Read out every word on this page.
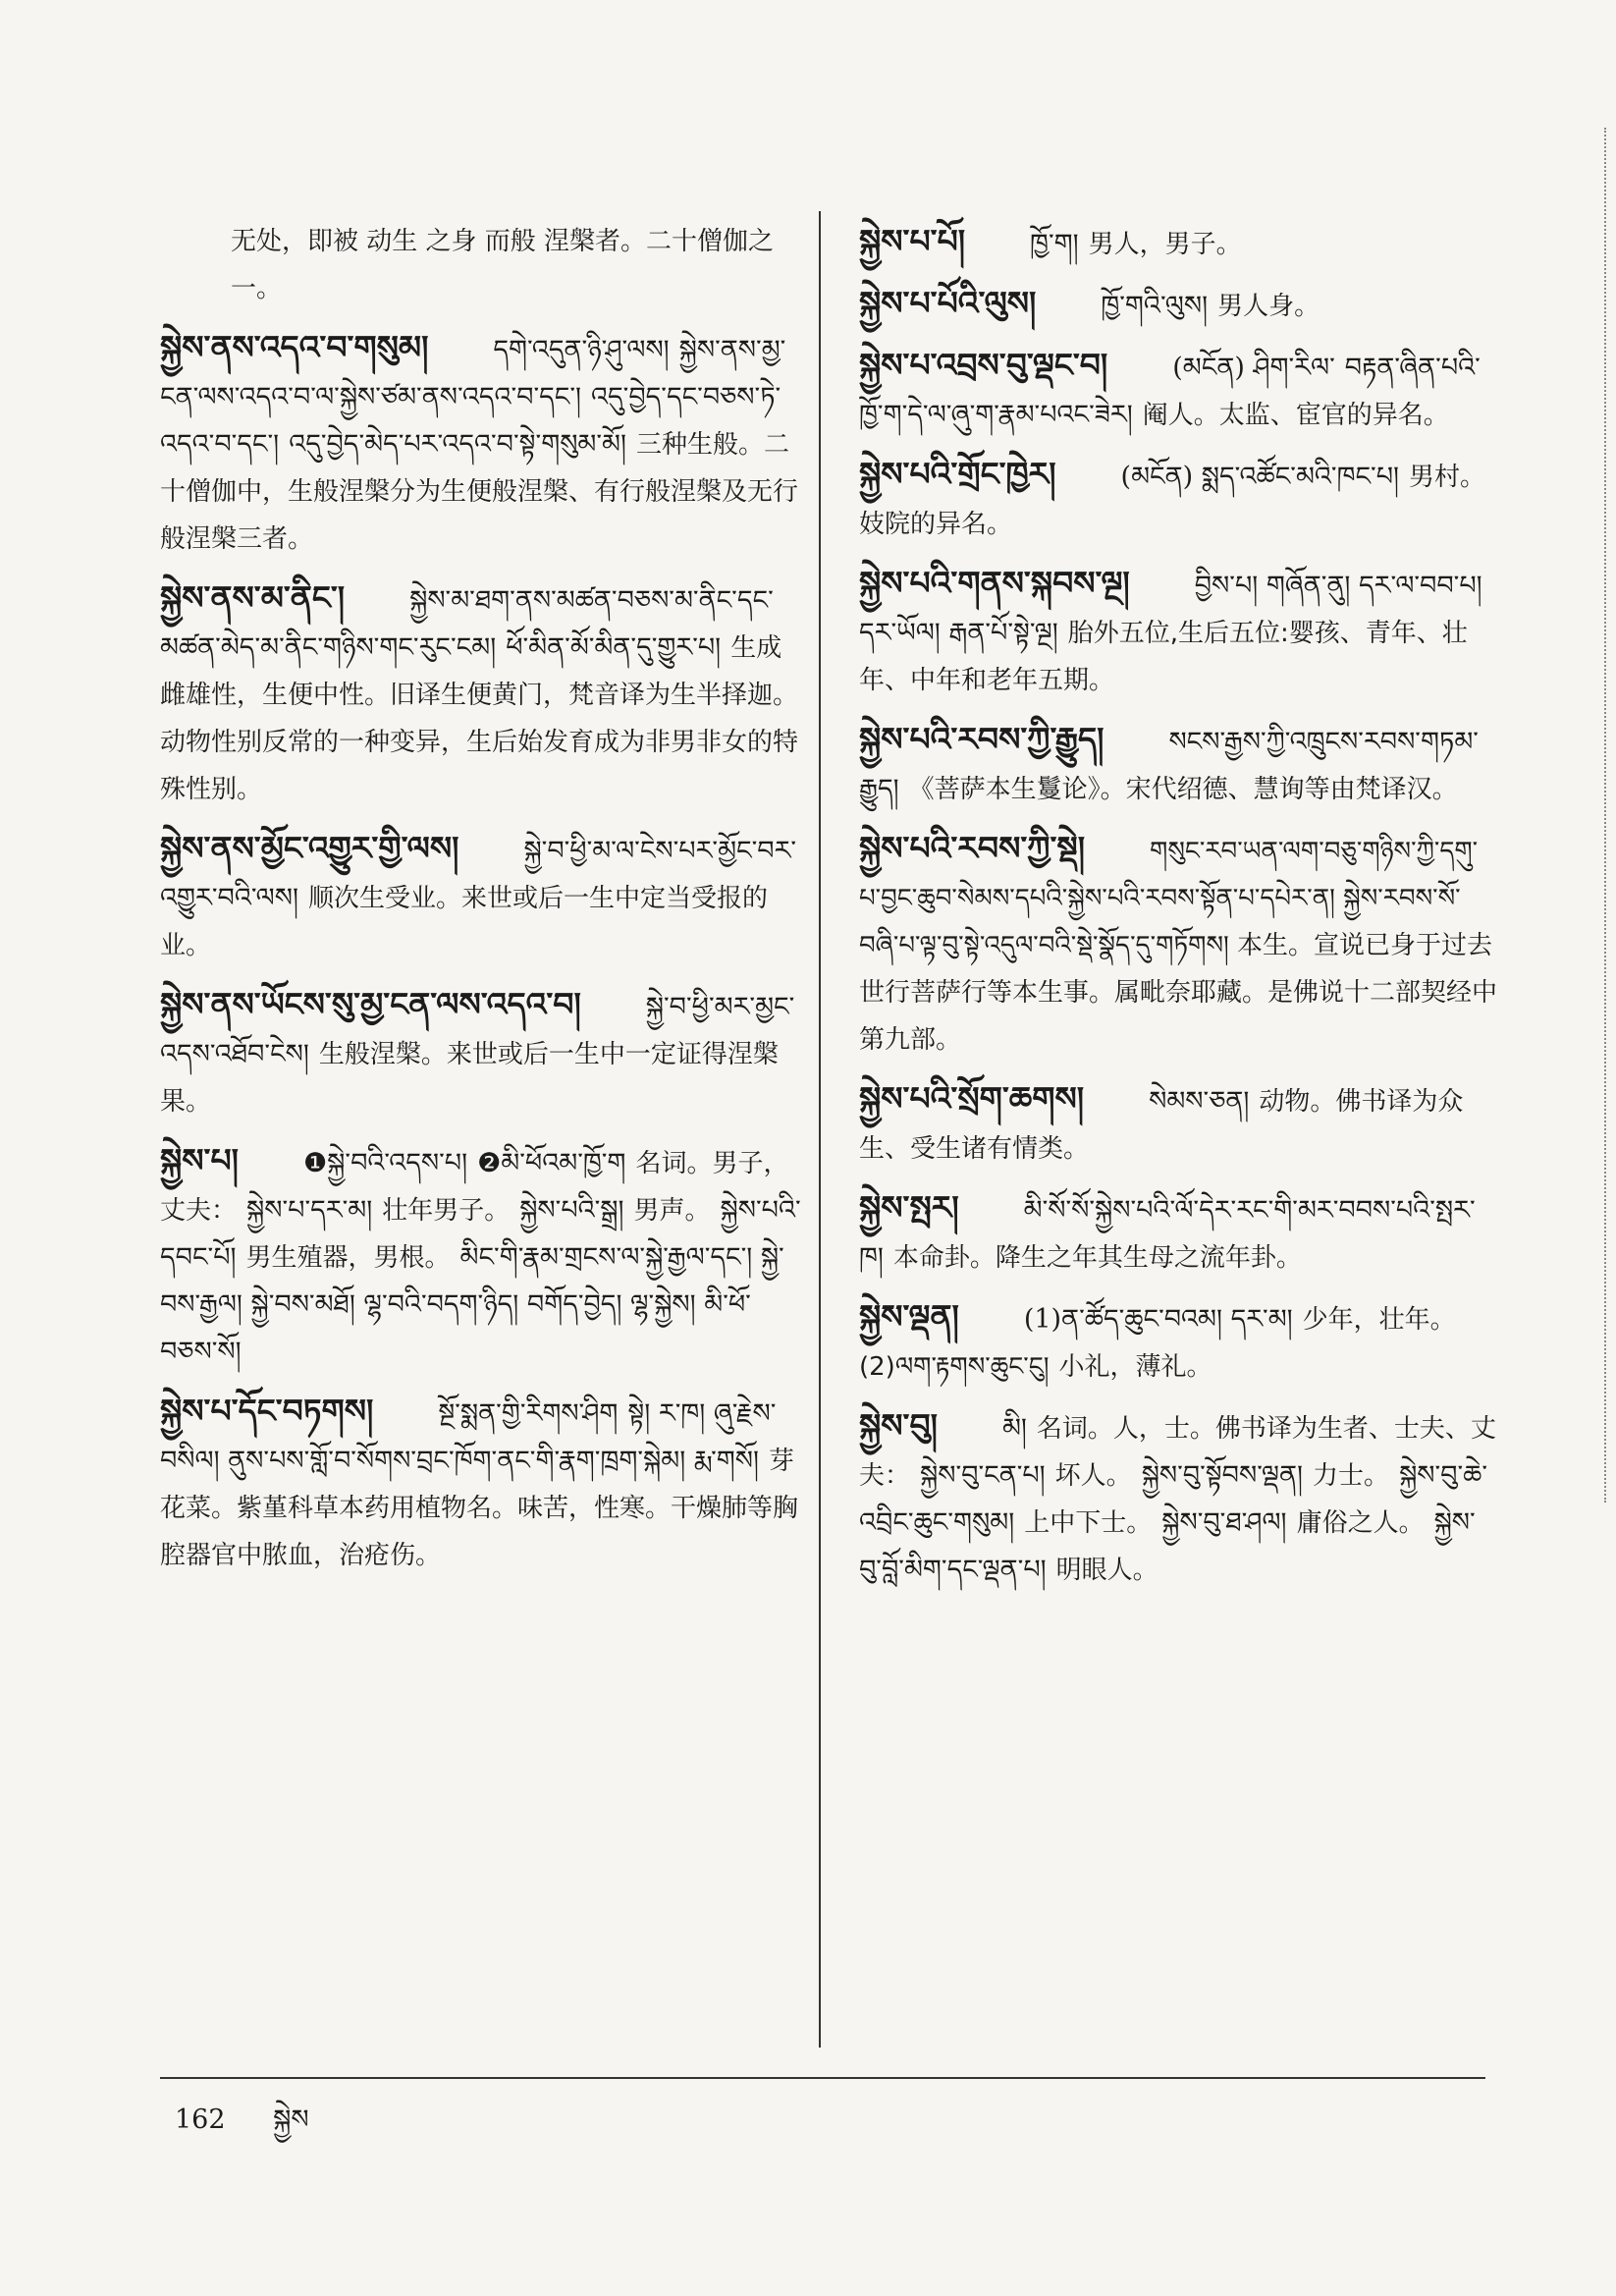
无处，即被 动生 之身 而般 涅槃者。二十僧伽之一。
སྐྱེས་ནས་འདའ་བ་གསུམ། དགེ་འདུན་ཉི་ཤུ་ལས། སྐྱེས་ནས་མྱ་ངན་ལས་འདའ་བ་ལ་སྐྱེས་ཙམ་ནས་འདའ་བ་དང་། འདུ་བྱེད་དང་བཅས་ཏེ་འདའ་བ་དང་། འདུ་བྱེད་མེད་པར་འདའ་བ་སྟེ་གསུམ་མོ། 三种生般。二十僧伽中，生般涅槃分为生便般涅槃、有行般涅槃及无行般涅槃三者。
སྐྱེས་ནས་མ་ནིང་། སྐྱེས་མ་ཐག་ནས་མཚན་བཅས་མ་ནིང་དང་མཚན་མེད་མ་ནིང་གཉིས་གང་རུང་ངམ། ཕོ་མིན་མོ་མིན་དུ་གྱུར་པ། 生成雌雄性，生便中性。旧译生便黄门，梵音译为生半择迦。动物性别反常的一种变异，生后始发育成为非男非女的特殊性别。
སྐྱེས་ནས་མྱོང་འགྱུར་གྱི་ལས། སྐྱེ་བ་ཕྱི་མ་ལ་ངེས་པར་མྱོང་བར་འགྱུར་བའི་ལས། 顺次生受业。来世或后一生中定当受报的业。
སྐྱེས་ནས་ཡོངས་སུ་མྱ་ངན་ལས་འདའ་བ། སྐྱེ་བ་ཕྱི་མར་མྱང་འདས་འཐོབ་ངེས། 生般涅槃。来世或后一生中一定证得涅槃果。
སྐྱེས་པ། ❶སྐྱེ་བའི་འདས་པ། ❷མི་ཕོའམ་ཁྱོ་ག 名词。男子，丈夫： སྐྱེས་པ་དར་མ། 壮年男子。 སྐྱེས་པའི་སྒྲ། 男声。 སྐྱེས་པའི་དབང་པོ། 男生殖器，男根。 མིང་གི་རྣམ་གྲངས་ལ་སྐྱེ་རྒྱལ་དང་། སྐྱེ་བས་རྒྱལ། སྐྱེ་བས་མཐོ། ལྷ་བའི་བདག་ཉིད། བགོད་བྱེད། ལྷ་སྐྱེས། མི་ཕོ་བཅས་སོ།
སྐྱེས་པ་དོང་བཏགས། སྔོ་སྨན་གྱི་རིགས་ཤིག སྟེ། ཪ་ཁ། ཞུ་རྗེས་བསིལ། ནུས་པས་གློ་བ་སོགས་བྲང་ཁོག་ནང་གི་རྣག་ཁྲག་སྐེམ། རྨ་གསོ། 芽花菜。紫堇科草本药用植物名。味苦，性寒。干燥肺等胸腔器官中脓血，治疮伤。
སྐྱེས་པ་པོ། ཁྱོ་ག། 男人，男子。
སྐྱེས་པ་པོའི་ལུས། ཁྱོ་གའི་ལུས། 男人身。
སྐྱེས་པ་འབྲས་བུ་ལྡང་བ། (མངོན) ཤིག་རིལ་ བརྟན་ཞིན་པའི་ཁྱོ་ག་དེ་ལ་ཞུ་ག་རྣམ་པའང་ཟེར། 阉人。太监、宦官的异名。
སྐྱེས་པའི་གྲོང་ཁྱེར། (མངོན) སྨད་འཚོང་མའི་ཁང་པ། 男村。妓院的异名。
སྐྱེས་པའི་གནས་སྐབས་ལྔ། བྱིས་པ། གཞོན་ནུ། དར་ལ་བབ་པ། དར་ཡོལ། རྒན་པོ་སྟེ་ལྔ། 胎外五位,生后五位:婴孩、青年、壮年、中年和老年五期。
སྐྱེས་པའི་རབས་ཀྱི་རྒྱུད། སངས་རྒྱས་ཀྱི་འཁྲུངས་རབས་གཏམ་རྒྱུད། 《菩萨本生鬘论》。宋代绍德、慧询等由梵译汉。
སྐྱེས་པའི་རབས་ཀྱི་སྡེ།	གསུང་རབ་ཡན་ལག་བཅུ་གཉིས་ཀྱི་དགུ་པ་བྱང་ཆུབ་སེམས་དཔའི་སྐྱེས་པའི་རབས་སྟོན་པ་དཔེར་ན། སྐྱེས་རབས་སོ་བཞི་པ་ལྟ་བུ་སྟེ་འདུལ་བའི་སྡེ་སྣོད་དུ་གཏོགས། 本生。宣说已身于过去世行菩萨行等本生事。属毗奈耶藏。是佛说十二部契经中第九部。
སྐྱེས་པའི་སྲོག་ཆགས། སེམས་ཅན། 动物。佛书译为众生、受生诸有情类。
སྐྱེས་སྤར། མི་སོ་སོ་སྐྱེས་པའི་ལོ་དེར་རང་གི་མར་བབས་པའི་སྤར་ཁ། 本命卦。降生之年其生母之流年卦。
སྐྱེས་ལྡན། (1)ན་ཚོད་ཆུང་བའམ། དར་མ། 少年，壮年。(2)ལག་རྟགས་ཆུང་ངུ། 小礼，薄礼。
སྐྱེས་བུ། མི། 名词。人，士。佛书译为生者、士夫、丈夫： སྐྱེས་བུ་ངན་པ། 坏人。 སྐྱེས་བུ་སྟོབས་ལྡན། 力士。 སྐྱེས་བུ་ཆེ་འབྲིང་ཆུང་གསུམ། 上中下士。 སྐྱེས་བུ་ཐ་ཤལ། 庸俗之人。 སྐྱེས་བུ་བློ་མིག་དང་ལྡན་པ། 明眼人。
162 སྐྱེས
